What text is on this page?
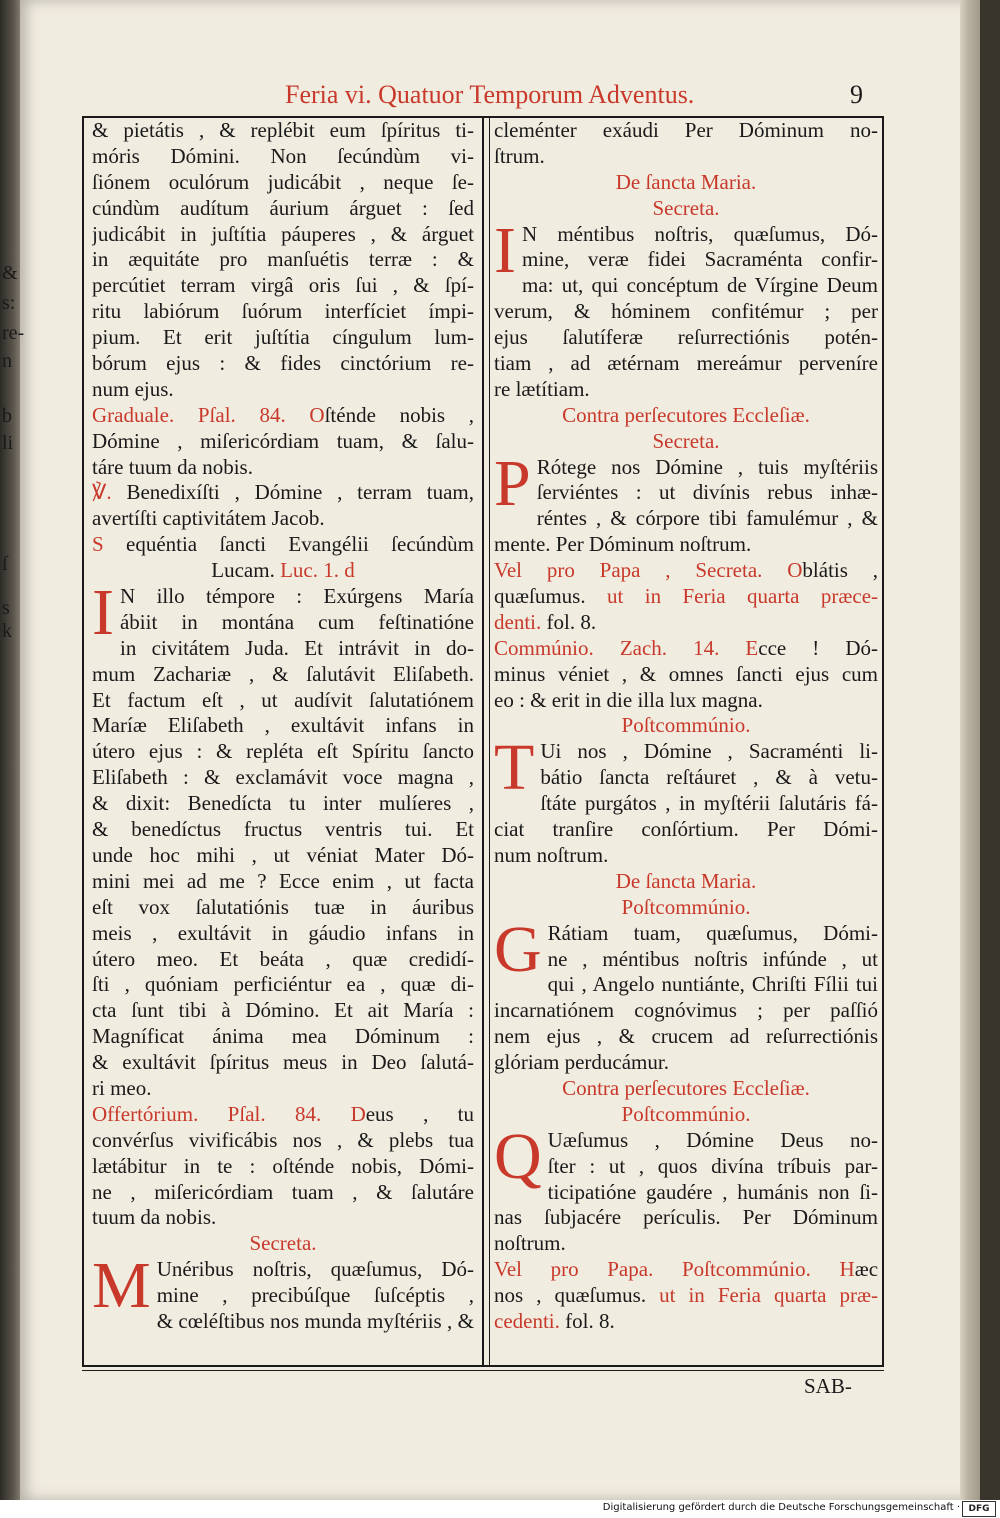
&
s:
re-
n
b
li
ſ
s
k
Feria vi. Quatuor Temporum Adventus.	9
& pietátis , & replébit eum ſpíritus ti-
móris Dómini. Non ſecúndùm vi-
ſiónem oculórum judicábit , neque ſe-
cúndùm audítum áurium árguet : ſed
judicábit in juſtítia páuperes , & árguet
in æquitáte pro manſuétis terræ : &
percútiet terram virgâ oris ſui , & ſpí-
ritu labiórum ſuórum interfíciet ímpi-
pium. Et erit juſtítia cíngulum lum-
bórum ejus : & fides cinctórium re-
num ejus.
Graduale. Pſal. 84. Oſténde nobis ,
Dómine , miſericórdiam tuam, & ſalu-
táre tuum da nobis.
℣. Benedixíſti , Dómine , terram tuam,
avertíſti captivitátem Jacob.
S equéntia ſancti Evangélii ſecúndùm
Lucam. Luc. 1. d
I N illo témpore : Exúrgens María
ábiit in montána cum feſtinatióne
in civitátem Juda. Et intrávit in do-
mum Zachariæ , & ſalutávit Eliſabeth.
Et factum eſt , ut audívit ſalutatiónem
Maríæ Eliſabeth , exultávit infans in
útero ejus : & repléta eſt Spíritu ſancto
Eliſabeth : & exclamávit voce magna ,
& dixit: Benedícta tu inter mulíeres ,
& benedíctus fructus ventris tui. Et
unde hoc mihi , ut véniat Mater Dó-
mini mei ad me ? Ecce enim , ut facta
eſt vox ſalutatiónis tuæ in áuribus
meis , exultávit in gáudio infans in
útero meo. Et beáta , quæ credidí-
ſti , quóniam perficiéntur ea , quæ di-
cta ſunt tibi à Dómino. Et ait María :
Magníficat ánima mea Dóminum :
& exultávit ſpíritus meus in Deo ſalutá-
ri meo.
Offertórium. Pſal. 84. Deus , tu
convérſus vivificábis nos , & plebs tua
lætábitur in te : oſténde nobis, Dómi-
ne , miſericórdiam tuam , & ſalutáre
tuum da nobis.
Secreta.
M Unéribus noſtris, quæſumus, Dó-
mine , precibúſque ſuſcéptis ,
& cœléſtibus nos munda myſtériis , &
cleménter exáudi Per Dóminum no-
ſtrum.
De ſancta Maria.
Secreta.
I N méntibus noſtris, quæſumus, Dó-
mine, veræ fidei Sacraménta confir-
ma: ut, qui concéptum de Vírgine Deum
verum, & hóminem confitémur ; per
ejus ſalutíferæ reſurrectiónis potén-
tiam , ad ætérnam mereámur perveníre
re lætítiam.
Contra perſecutores Eccleſiæ.
Secreta.
P Rótege nos Dómine , tuis myſtériis
ſerviéntes : ut divínis rebus inhæ-
réntes , & córpore tibi famulémur , &
mente. Per Dóminum noſtrum.
Vel pro Papa , Secreta. Oblátis ,
quæſumus. ut in Feria quarta præce-
denti. fol. 8.
Commúnio. Zach. 14. Ecce ! Dó-
minus véniet , & omnes ſancti ejus cum
eo : & erit in die illa lux magna.
Poſtcommúnio.
T Ui nos , Dómine , Sacraménti li-
bátio ſancta reſtáuret , & à vetu-
ſtáte purgátos , in myſtérii ſalutáris fá-
ciat tranſire conſórtium. Per Dómi-
num noſtrum.
De ſancta Maria.
Poſtcommúnio.
G Rátiam tuam, quæſumus, Dómi-
ne , méntibus noſtris infúnde , ut
qui , Angelo nuntiánte, Chriſti Fílii tui
incarnatiónem cognóvimus ; per paſſió
nem ejus , & crucem ad reſurrectiónis
glóriam perducámur.
Contra perſecutores Eccleſiæ.
Poſtcommúnio.
Q Uæſumus , Dómine Deus no-
ſter : ut , quos divína tríbuis par-
ticipatióne gaudére , humánis non ſi-
nas ſubjacére perículis. Per Dóminum
noſtrum.
Vel pro Papa. Poſtcommúnio. Hæc
nos , quæſumus. ut in Feria quarta præ-
cedenti. fol. 8.
SAB-
Digitalisierung gefördert durch die Deutsche Forschungsgemeinschaft · DFG
